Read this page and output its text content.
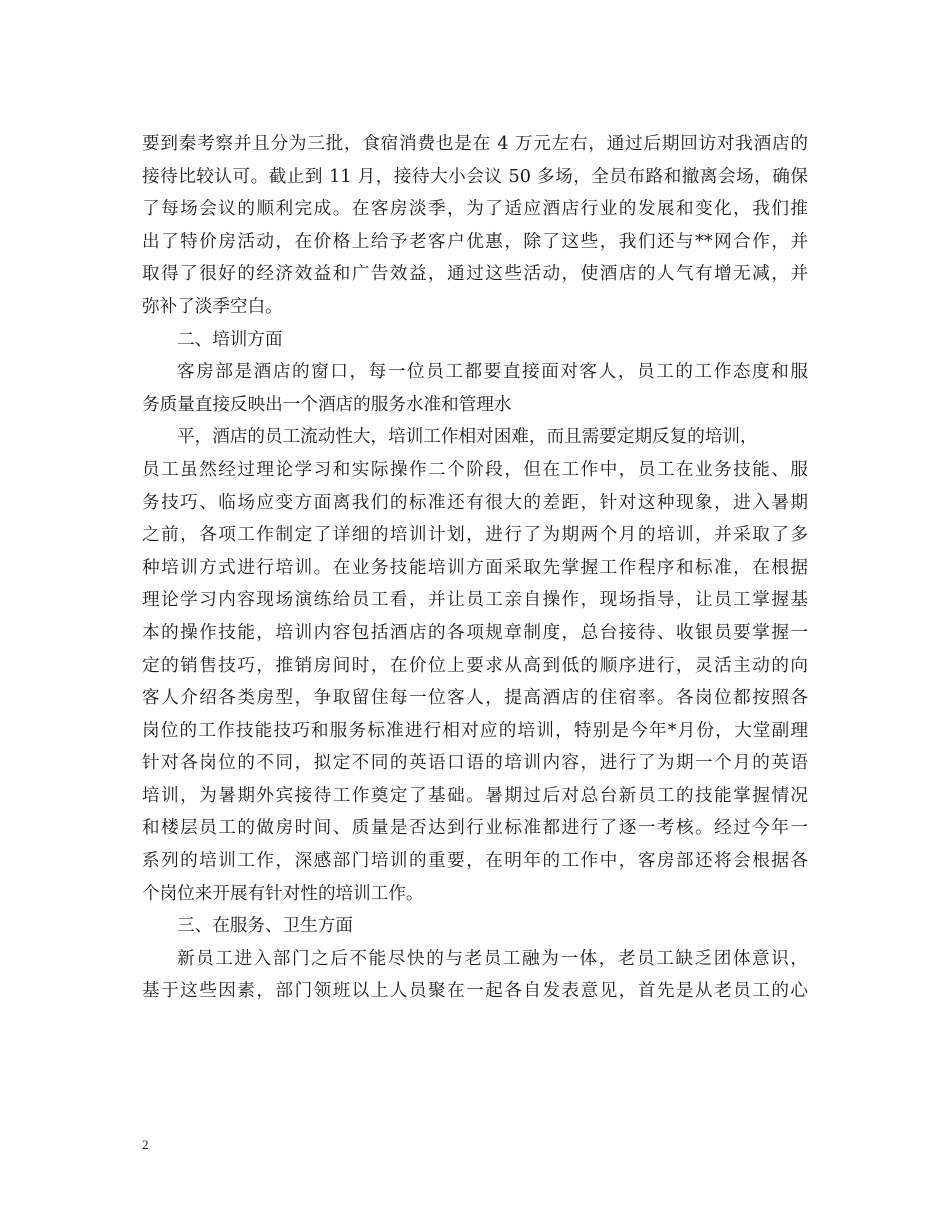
要到秦考察并且分为三批，食宿消费也是在 4 万元左右，通过后期回访对我酒店的
接待比较认可。截止到 11 月，接待大小会议 50 多场，全员布路和撤离会场，确保
了每场会议的顺利完成。在客房淡季，为了适应酒店行业的发展和变化，我们推
出了特价房活动，在价格上给予老客户优惠，除了这些，我们还与**网合作，并
取得了很好的经济效益和广告效益，通过这些活动，使酒店的人气有增无减，并
弥补了淡季空白。
二、培训方面
客房部是酒店的窗口，每一位员工都要直接面对客人，员工的工作态度和服
务质量直接反映出一个酒店的服务水准和管理水
平，酒店的员工流动性大，培训工作相对困难，而且需要定期反复的培训，
员工虽然经过理论学习和实际操作二个阶段，但在工作中，员工在业务技能、服
务技巧、临场应变方面离我们的标准还有很大的差距，针对这种现象，进入暑期
之前，各项工作制定了详细的培训计划，进行了为期两个月的培训，并采取了多
种培训方式进行培训。在业务技能培训方面采取先掌握工作程序和标准，在根据
理论学习内容现场演练给员工看，并让员工亲自操作，现场指导，让员工掌握基
本的操作技能，培训内容包括酒店的各项规章制度，总台接待、收银员要掌握一
定的销售技巧，推销房间时，在价位上要求从高到低的顺序进行，灵活主动的向
客人介绍各类房型，争取留住每一位客人，提高酒店的住宿率。各岗位都按照各
岗位的工作技能技巧和服务标准进行相对应的培训，特别是今年*月份，大堂副理
针对各岗位的不同，拟定不同的英语口语的培训内容，进行了为期一个月的英语
培训，为暑期外宾接待工作奠定了基础。暑期过后对总台新员工的技能掌握情况
和楼层员工的做房时间、质量是否达到行业标准都进行了逐一考核。经过今年一
系列的培训工作，深感部门培训的重要，在明年的工作中，客房部还将会根据各
个岗位来开展有针对性的培训工作。
三、在服务、卫生方面
新员工进入部门之后不能尽快的与老员工融为一体，老员工缺乏团体意识，
基于这些因素，部门领班以上人员聚在一起各自发表意见，首先是从老员工的心
2
